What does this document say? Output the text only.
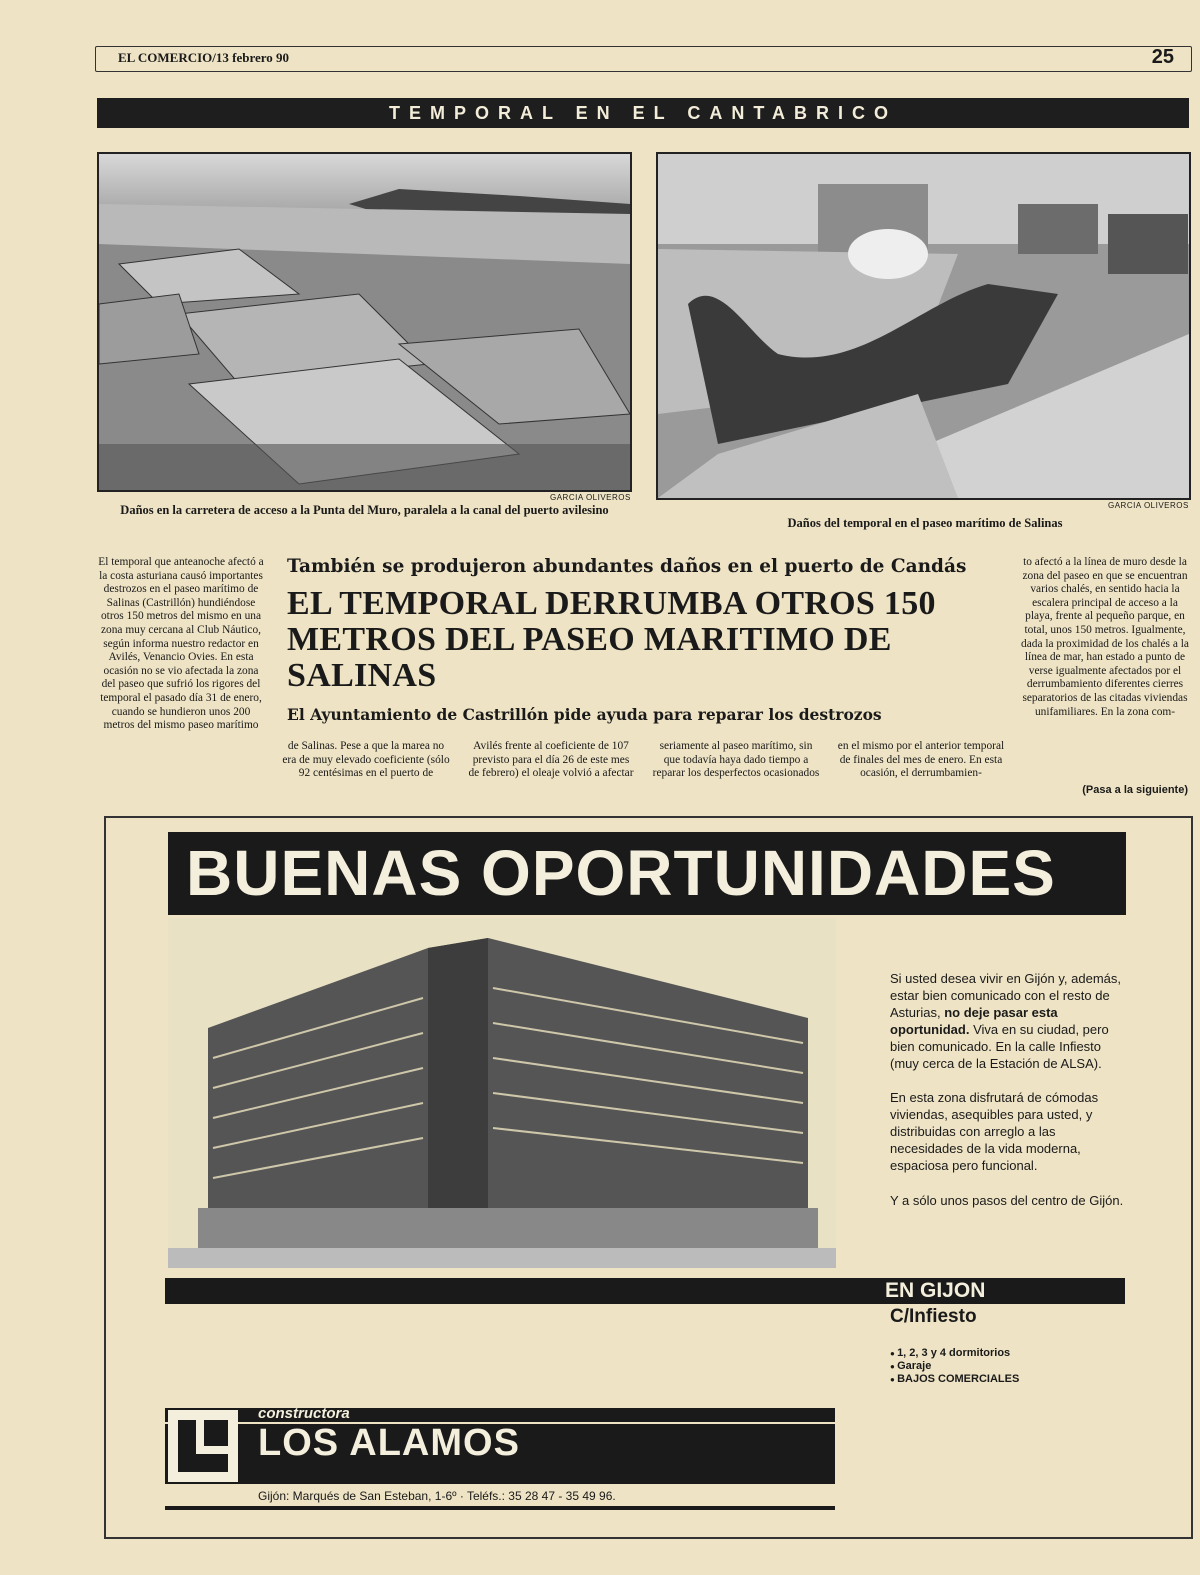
EL COMERCIO/13 febrero 90	25
TEMPORAL EN EL CANTABRICO
GARCIA OLIVEROS
Daños en la carretera de acceso a la Punta del Muro, paralela a la canal del puerto avilesino	GARCIA OLIVEROS
Daños del temporal en el paseo marítimo de Salinas
El temporal que anteanoche afectó a la costa asturiana causó importantes destrozos en el paseo marítimo de Salinas (Castrillón) hundiéndose otros 150 metros del mismo en una zona muy cercana al Club Náutico, según informa nuestro redactor en Avilés, Venancio Ovies. En esta ocasión no se vio afectada la zona del paseo que sufrió los rigores del temporal el pasado día 31 de enero, cuando se hundieron unos 200 metros del mismo paseo marítimo
También se produjeron abundantes daños en el puerto de Candás
EL TEMPORAL DERRUMBA OTROS 150 METROS DEL PASEO MARITIMO DE SALINAS
El Ayuntamiento de Castrillón pide ayuda para reparar los destrozos
de Salinas. Pese a que la marea no era de muy elevado coeficiente (sólo 92 centésimas en el puerto de
Avilés frente al coeficiente de 107 previsto para el día 26 de este mes de febrero) el oleaje volvió a afectar
seriamente al paseo marítimo, sin que todavía haya dado tiempo a reparar los desperfectos ocasionados
en el mismo por el anterior temporal de finales del mes de enero. En esta ocasión, el derrumbamien-
to afectó a la línea de muro desde la zona del paseo en que se encuentran varios chalés, en sentido hacia la escalera principal de acceso a la playa, frente al pequeño parque, en total, unos 150 metros. Igualmente, dada la proximidad de los chalés a la línea de mar, han estado a punto de verse igualmente afectados por el derrumbamiento diferentes cierres separatorios de las citadas viviendas unifamiliares. En la zona com-
(Pasa a la siguiente)
BUENAS OPORTUNIDADES
Si usted desea vivir en Gijón y, además, estar bien comunicado con el resto de Asturias, no deje pasar esta oportunidad. Viva en su ciudad, pero bien comunicado. En la calle Infiesto (muy cerca de la Estación de ALSA).
En esta zona disfrutará de cómodas viviendas, asequibles para usted, y distribuidas con arreglo a las necesidades de la vida moderna, espaciosa pero funcional.
Y a sólo unos pasos del centro de Gijón.
EN GIJON
C/Infiesto
● 1, 2, 3 y 4 dormitorios
● Garaje
● BAJOS COMERCIALES
constructora
LOS ALAMOS
Gijón: Marqués de San Esteban, 1-6º · Teléfs.: 35 28 47 - 35 49 96.
